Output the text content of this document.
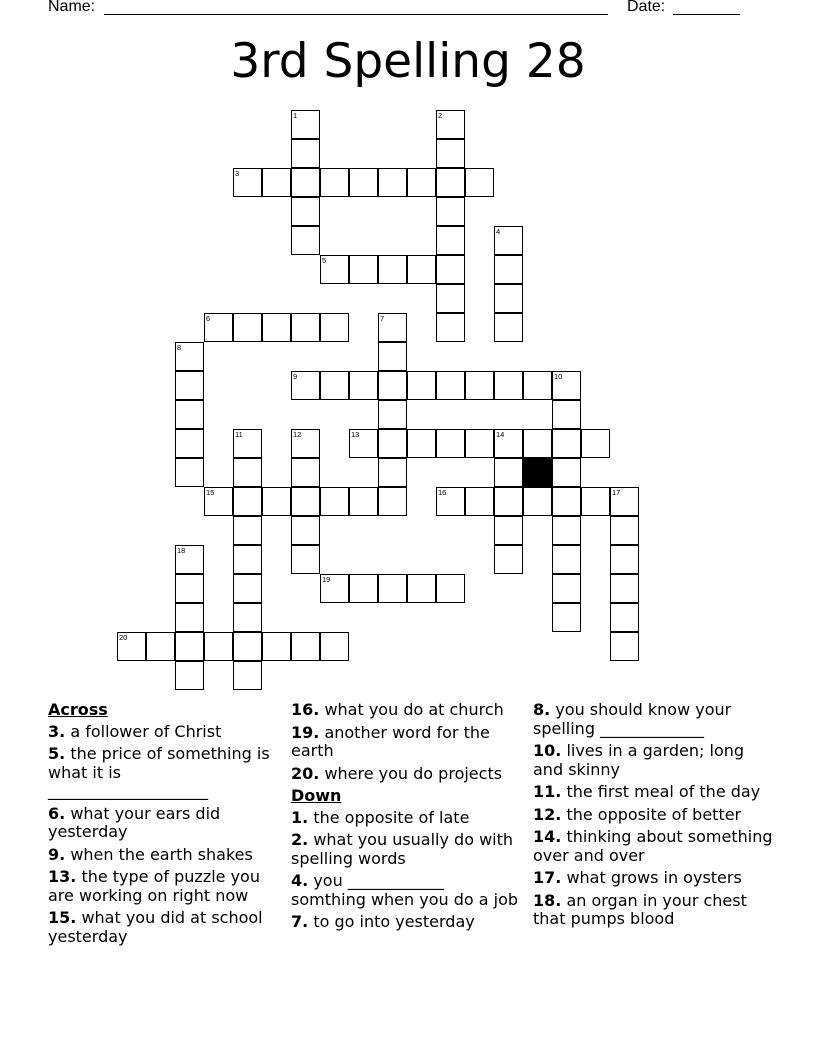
Name:	Date:
3rd Spelling 28
1	2
3
4
5
6	7
8
9	10
11	12	13	14
15	16	17
18
19
20
Across
3. a follower of Christ
5. the price of something is what it is ____________________
6. what your ears did yesterday
9. when the earth shakes
13. the type of puzzle you are working on right now
15. what you did at school yesterday
16. what you do at church
19. another word for the earth
20. where you do projects
Down
1. the opposite of late
2. what you usually do with spelling words
4. you ____________ somthing when you do a job
7. to go into yesterday
8. you should know your spelling _____________
10. lives in a garden; long and skinny
11. the first meal of the day
12. the opposite of better
14. thinking about something over and over
17. what grows in oysters
18. an organ in your chest that pumps blood
